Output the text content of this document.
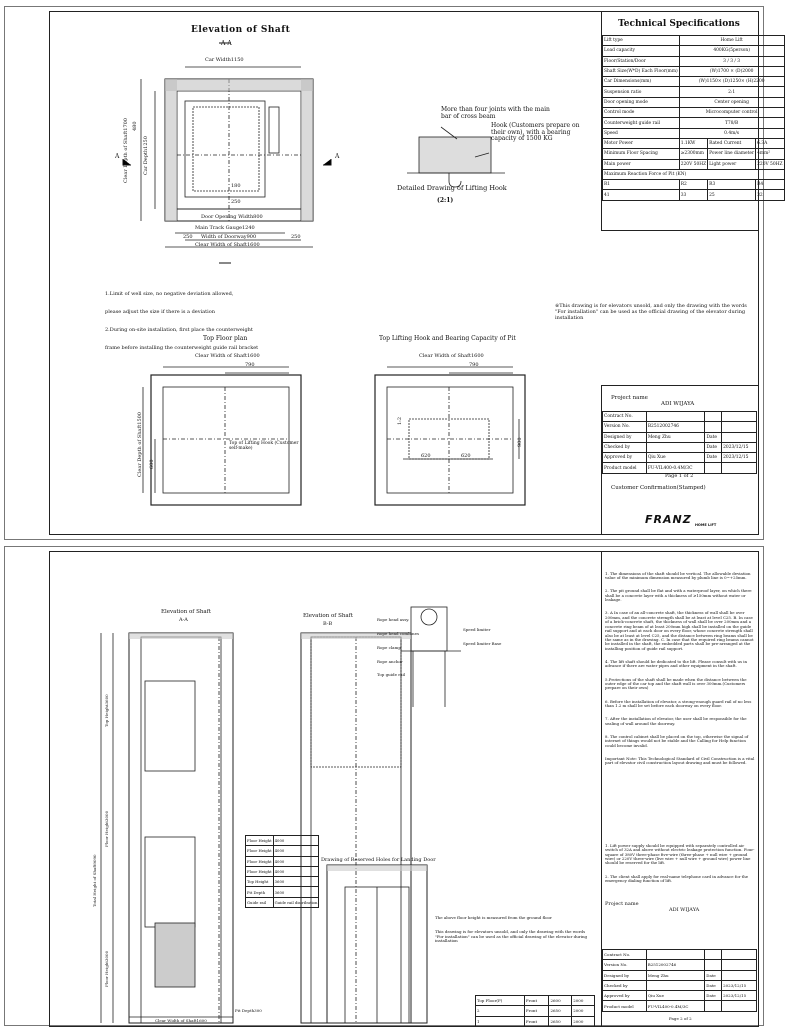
Elevation of Shaft
A-A
Car Width1150
Clear Depth of Shaft1700	Car Depth1250
Door Opening Width800
Main Track Gauge1240
250 Width of Doorway900	250
Clear Width of Shaft1600
480
180
250
A	A
More than four joints with the main bar of cross beam
Hook (Customers prepare on their own), with a bearing capacity of 1500 KG
Detailed Drawing of Lifting Hook
(2:1)

1.Limit of well size, no negative deviation allowed,

please adjust the size if there is a deviation

2.During on-site installation, first place the counterweight

frame before installing the counterweight guide rail bracket

※This drawing is for elevators unsold, and only the drawing with the words "For installation" can be used as the official drawing of the elevator during installation
Top Floor plan	Top Lifting Hook and Bearing Capacity of Pit
Clear Width of Shaft1600
790
Clear Depth of Shaft1500 600
Top of Lifting Hook (Customer self-make)
Clear Width of Shaft1600
790
620	620
900
1:2
Technical Specifications
Lift type	Home Lift		
Load capacity	400KG(5person)		
Floor/Station/Door	3 / 3 / 3		
Shaft Size(W*D) Each Floor(mm)	(W)1700 × (D)2000		
Car Dimensions(mm)	(W)1150× (D)1250× (H)2200		
Suspension ratio	2:1		
Door opening mode	Center opening		
Control mode	Microcomputer control		
Counterweight guide rail	T78/B		
Speed	0.4m/s		
Motor Power	1.1KW	Rated Current	6.3A
Minimum Floor Spacing	≥2300mm	Power line diameter	4mm²
Main power	220V 50HZ	Light power	220V 50HZ
Maximum Reaction Force of Pit (KN)			
R1	R2	R3	R4
41	33	25	32
Project name
ADI WIJAYA
Contract No.			
Version No.	B2512002746		
Designed by	Meng Zhu	Date	
Checked by		Date	2023/12/15
Approved by	Qiu Xue	Date	2023/12/15
Product model	FU-VIL400-0.4M/3C		
Page 1 of 2
Customer Confirmation(Stamped)
FRANZ HOME LIFT
Elevation of Shaft
A-A
Elevation of Shaft
B-B
Total Height of Shaft9090
Top Height3600
Floor Height3000
Floor Height3000
Pit Depth300
Clear Width of Shaft1600
Drawing of Reserved Holes for Landing Door

Rope head assy.

Rope head combines

Rope clamp

Rope anchor

Top guide rail

Speed limiter

Speed limiter Base

Floor Height	4000
Floor Height	4000
Floor Height	4000
Floor Height	4000
Top Height	3600
Pit Depth	3600
Guide rail	Guide rail distribution
Top Floor(F)	Front	2600	2000
2	Front	2650	2000
1	Front	2650	2000

The above floor height is measured from the ground floor

This drawing is for elevators unsold, and only the drawing with the words "For installation" can be used as the official drawing of the elevator during installation

1. The dimensions of the shaft should be vertical. The allowable deviation value of the minimum dimension measured by plumb line is 0~+25mm.

2. The pit ground shall be flat and with a waterproof layer, on which there shall be a concrete layer with a thickness of ≥150mm without water or leakage.

3. A In case of an all-concrete shaft, the thickness of wall shall be over 200mm, and the concrete strength shall be at least at level C25. B. In case of a brick-concrete shaft, the thickness of wall shall be over 200mm and a concrete ring beam of at least 200mm high shall be installed on the guide rail support and at each door on every floor, whose concrete strength shall also be at least at level C25, and the distance between ring beams shall be the same as in the drawing. C. In case that the required ring beams cannot be installed in the shaft, the embedded parts shall be pre-arranged at the installing position of guide rail support.

4. The lift shaft should be dedicated to the lift. Please consult with us in advance if there are water pipes and other equipment in the shaft.

5.Protections of the shaft shall be made when the distance between the outer edge of the car top and the shaft wall is over 300mm.(Customers prepare on their own)

6. Before the installation of elevator, a strong-enough guard rail of no less than 1.2 m shall be set before each doorway on every floor.

7. After the installation of elevator, the user shall be responsible for the sealing of wall around the doorway.

8. The control cabinet shall be placed on the top, otherwise the signal of internet of things would not be stable and the Calling for Help function could become invalid.

Important Note: This Technological Standard of Civil Construction is a vital part of elevator civil construction layout drawing and must be followed.

1. Lift power supply should be equipped with separately controlled air switch of 32A and above without electric leakage protection function. Four-square of 380V three-phase five-wire (three-phase + null wire + ground wire) or 220V three-wire (live wire + null wire + ground wire) power line should be reserved for the lift.

2. The client shall apply for real-name telephone card in advance for the emergency dialing function of lift.

Project name
ADI WIJAYA
Contract No.			
Version No.	B2512002746		
Designed by	Meng Zhu	Date	
Checked by		Date	2023/12/15
Approved by	Qiu Xue	Date	2023/12/15
Product model	FU-VIL400-0.4M/3C		
Page 2 of 2
